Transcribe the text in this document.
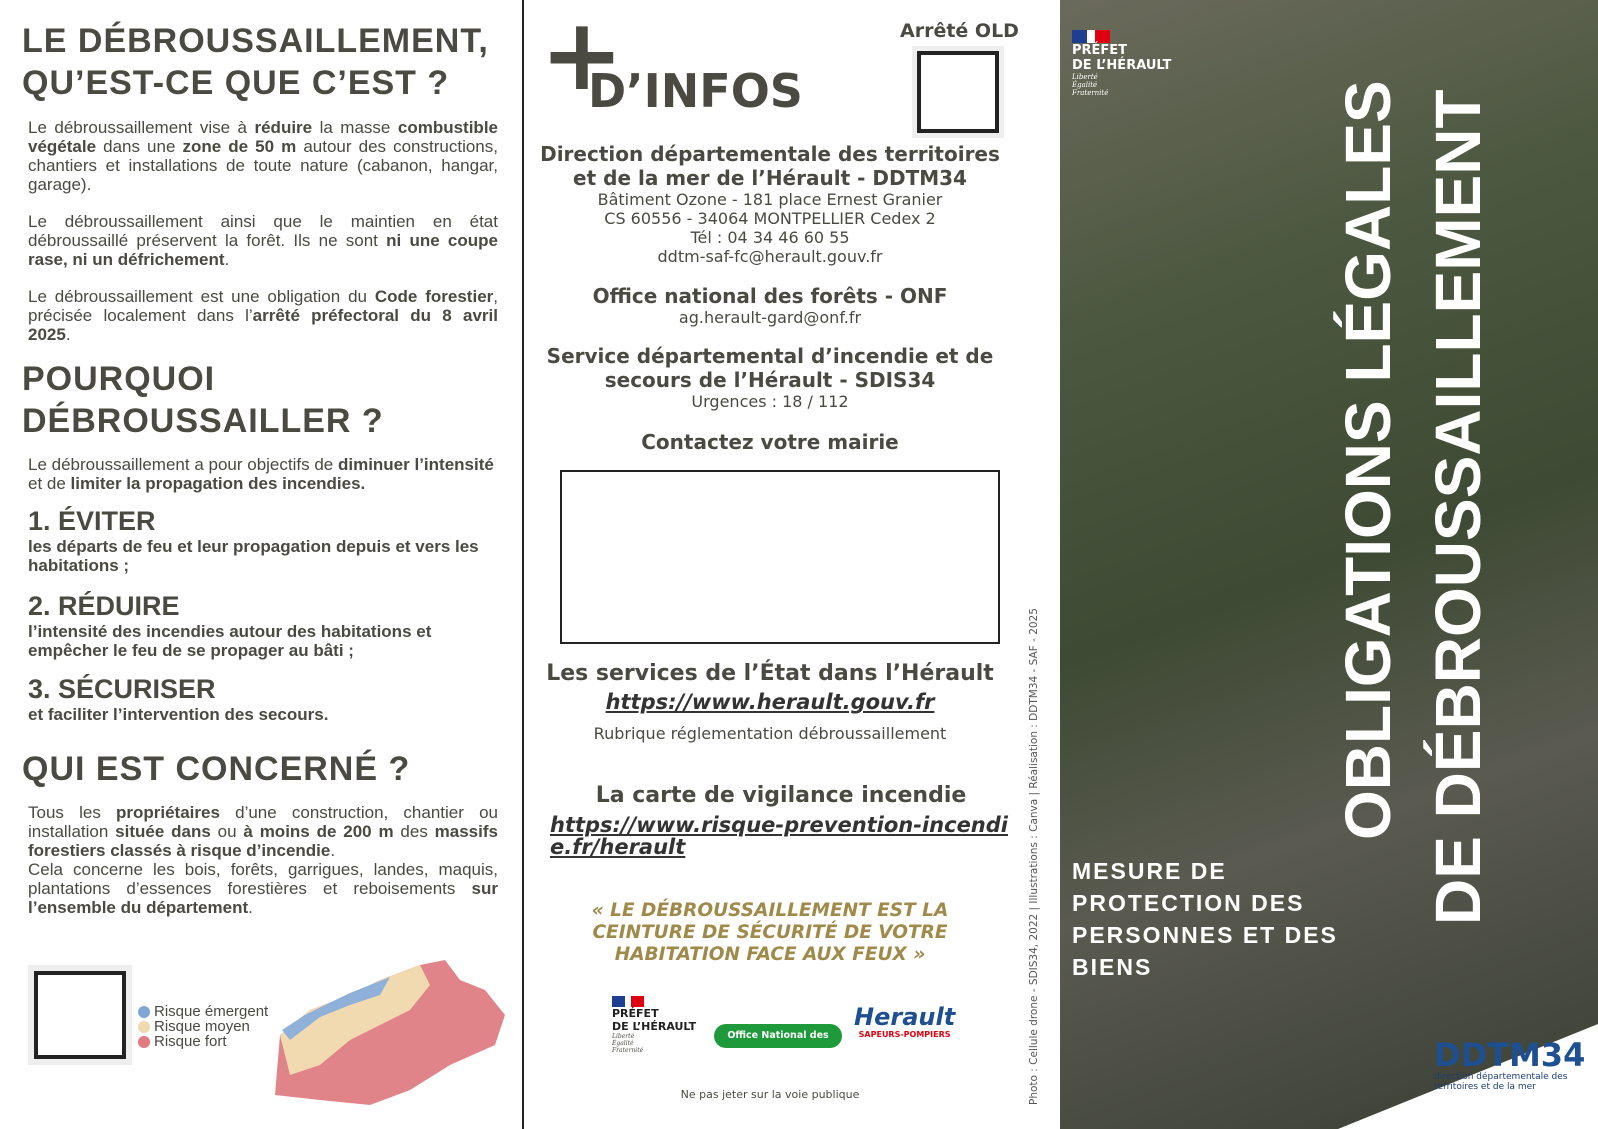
LE DÉBROUSSAILLEMENT, QU’EST-CE QUE C’EST ?

Le débroussaillement vise à réduire la masse combustible végétale dans une zone de 50 m autour des constructions, chantiers et installations de toute nature (cabanon, hangar, garage).

Le débroussaillement ainsi que le maintien en état débroussaillé préservent la forêt. Ils ne sont ni une coupe rase, ni un défrichement.

Le débroussaillement est une obligation du Code forestier, précisée localement dans l’arrêté préfectoral du 8 avril 2025.

POURQUOI DÉBROUSSAILLER ?

Le débroussaillement a pour objectifs de diminuer l’intensité et de limiter la propagation des incendies.

1. ÉVITER
les départs de feu et leur propagation depuis et vers les habitations ;
2. RÉDUIRE
l’intensité des incendies autour des habitations et empêcher le feu de se propager au bâti ;
3. SÉCURISER
et faciliter l’intervention des secours.
QUI EST CONCERNÉ ?

Tous les propriétaires d’une construction, chantier ou installation située dans ou à moins de 200 m des massifs forestiers classés à risque d’incendie.

Cela concerne les bois, forêts, garrigues, landes, maquis, plantations d’essences forestières et reboisements sur l’ensemble du département.

Risque émergent
Risque moyen
Risque fort
+
D’INFOS
Arrêté OLD
Direction départementale des territoires et de la mer de l’Hérault - DDTM34
Bâtiment Ozone - 181 place Ernest Granier
CS 60556 - 34064 MONTPELLIER Cedex 2
Tél : 04 34 46 60 55
ddtm-saf-fc@herault.gouv.fr
Office national des forêts - ONF
ag.herault-gard@onf.fr
Service départemental d’incendie et de secours de l’Hérault - SDIS34
Urgences : 18 / 112
Contactez votre mairie
Les services de l’État dans l’Hérault
https://www.herault.gouv.fr
Rubrique réglementation débroussaillement
La carte de vigilance incendie
https://www.risque-prevention-incendie.fr/herault
« LE DÉBROUSSAILLEMENT EST LA CEINTURE DE SÉCURITÉ DE VOTRE HABITATION FACE AUX FEUX »
PRÉFET
DE L’HÉRAULT
Liberté
Égalité
Fraternité
Office National des Forêts
Herault
SAPEURS-POMPIERS
Ne pas jeter sur la voie publique	Photo : Cellule drone - SDIS34, 2022 | Illustrations : Canva | Réalisation : DDTM34 - SAF - 2025
PRÉFET
DE L’HÉRAULT
Liberté
Égalité
Fraternité	OBLIGATIONS LÉGALES DE DÉBROUSSAILLEMENT
MESURE DE PROTECTION DES PERSONNES ET DES BIENS
DDTM34
direction départementale des territoires et de la mer
